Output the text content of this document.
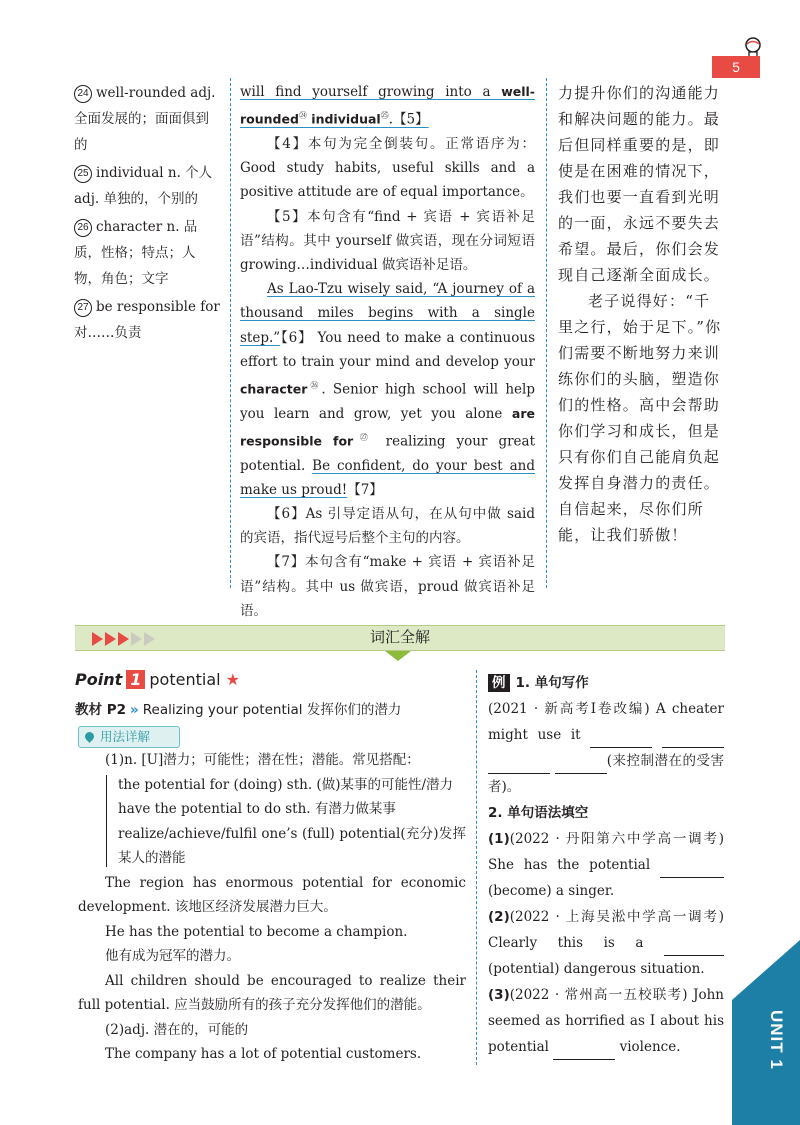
5
24 well-rounded adj. 全面发展的；面面俱到的
25 individual n. 个人 adj. 单独的，个别的
26 character n. 品质，性格；特点；人物，角色；文字
27 be responsible for 对……负责

will find yourself growing into a well-rounded$^㉔$ individual$^㉕$.【5】

【4】本句为完全倒装句。正常语序为：Good study habits, useful skills and a positive attitude are of equal importance。

【5】本句含有“find + 宾语 + 宾语补足语”结构。其中 yourself 做宾语，现在分词短语 growing…individual 做宾语补足语。

As Lao-Tzu wisely said, “A journey of a thousand miles begins with a single step.”【6】 You need to make a continuous effort to train your mind and develop your character$^㉖$. Senior high school will help you learn and grow, yet you alone are responsible for$^㉗$ realizing your great potential. Be confident, do your best and make us proud!【7】

【6】As 引导定语从句，在从句中做 said 的宾语，指代逗号后整个主句的内容。

【7】本句含有“make + 宾语 + 宾语补足语”结构。其中 us 做宾语，proud 做宾语补足语。

力提升你们的沟通能力和解决问题的能力。最后但同样重要的是，即使是在困难的情况下，我们也要一直看到光明的一面，永远不要失去希望。最后，你们会发现自己逐渐全面成长。

老子说得好：“千里之行，始于足下。”你们需要不断地努力来训练你们的头脑，塑造你们的性格。高中会帮助你们学习和成长，但是只有你们自己能肩负起发挥自身潜力的责任。自信起来，尽你们所能，让我们骄傲！

词汇全解
Point 1 potential ★
教材 P2 » Realizing your potential 发挥你们的潜力
用法详解

(1)n. [U]潜力；可能性；潜在性；潜能。常见搭配：

the potential for (doing) sth. (做)某事的可能性/潜力

have the potential to do sth. 有潜力做某事

realize/achieve/fulfil one’s (full) potential(充分)发挥某人的潜能

The region has enormous potential for economic development. 该地区经济发展潜力巨大。

He has the potential to become a champion.

他有成为冠军的潜力。

All children should be encouraged to realize their full potential. 应当鼓励所有的孩子充分发挥他们的潜能。

(2)adj. 潜在的，可能的

The company has a lot of potential customers.

例 1. 单句写作

(2021 · 新高考Ⅰ卷改编) A cheater might use it    (来控制潜在的受害者)。

2. 单句语法填空

(1)(2022 · 丹阳第六中学高一调考) She has the potential  (become) a singer.

(2)(2022 · 上海吴淞中学高一调考) Clearly this is a  (potential) dangerous situation.

(3)(2022 · 常州高一五校联考) John seemed as horrified as I about his potential	violence.	UNIT 1
